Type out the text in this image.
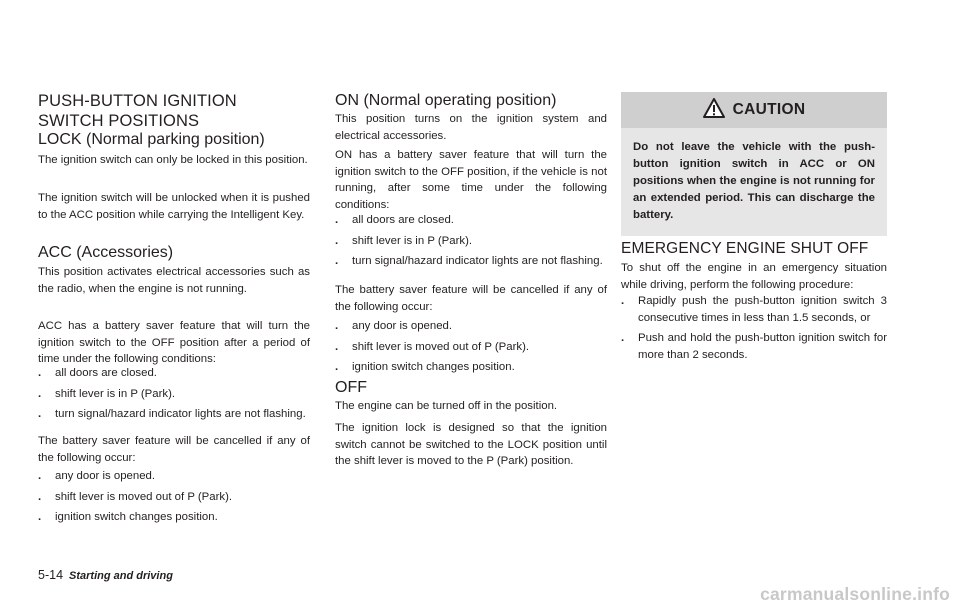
PUSH-BUTTON IGNITION SWITCH POSITIONS
LOCK (Normal parking position)

The ignition switch can only be locked in this position.

The ignition switch will be unlocked when it is pushed to the ACC position while carrying the Intelligent Key.

ACC (Accessories)

This position activates electrical accessories such as the radio, when the engine is not running.

ACC has a battery saver feature that will turn the ignition switch to the OFF position after a period of time under the following conditions:

. all doors are closed.
. shift lever is in P (Park).
. turn signal/hazard indicator lights are not flashing.

The battery saver feature will be cancelled if any of the following occur:

. any door is opened.
. shift lever is moved out of P (Park).
. ignition switch changes position.
ON (Normal operating position)

This position turns on the ignition system and electrical accessories.

ON has a battery saver feature that will turn the ignition switch to the OFF position, if the vehicle is not running, after some time under the following conditions:

. all doors are closed.
. shift lever is in P (Park).
. turn signal/hazard indicator lights are not flashing.

The battery saver feature will be cancelled if any of the following occur:

. any door is opened.
. shift lever is moved out of P (Park).
. ignition switch changes position.
OFF

The engine can be turned off in the position.

The ignition lock is designed so that the ignition switch cannot be switched to the LOCK position until the shift lever is moved to the P (Park) position.

CAUTION
Do not leave the vehicle with the push-button ignition switch in ACC or ON positions when the engine is not running for an extended period. This can discharge the battery.
EMERGENCY ENGINE SHUT OFF

To shut off the engine in an emergency situation while driving, perform the following procedure:

. Rapidly push the push-button ignition switch 3 consecutive times in less than 1.5 seconds, or
. Push and hold the push-button ignition switch for more than 2 seconds.
5-14 Starting and driving
carmanualsonline.info
